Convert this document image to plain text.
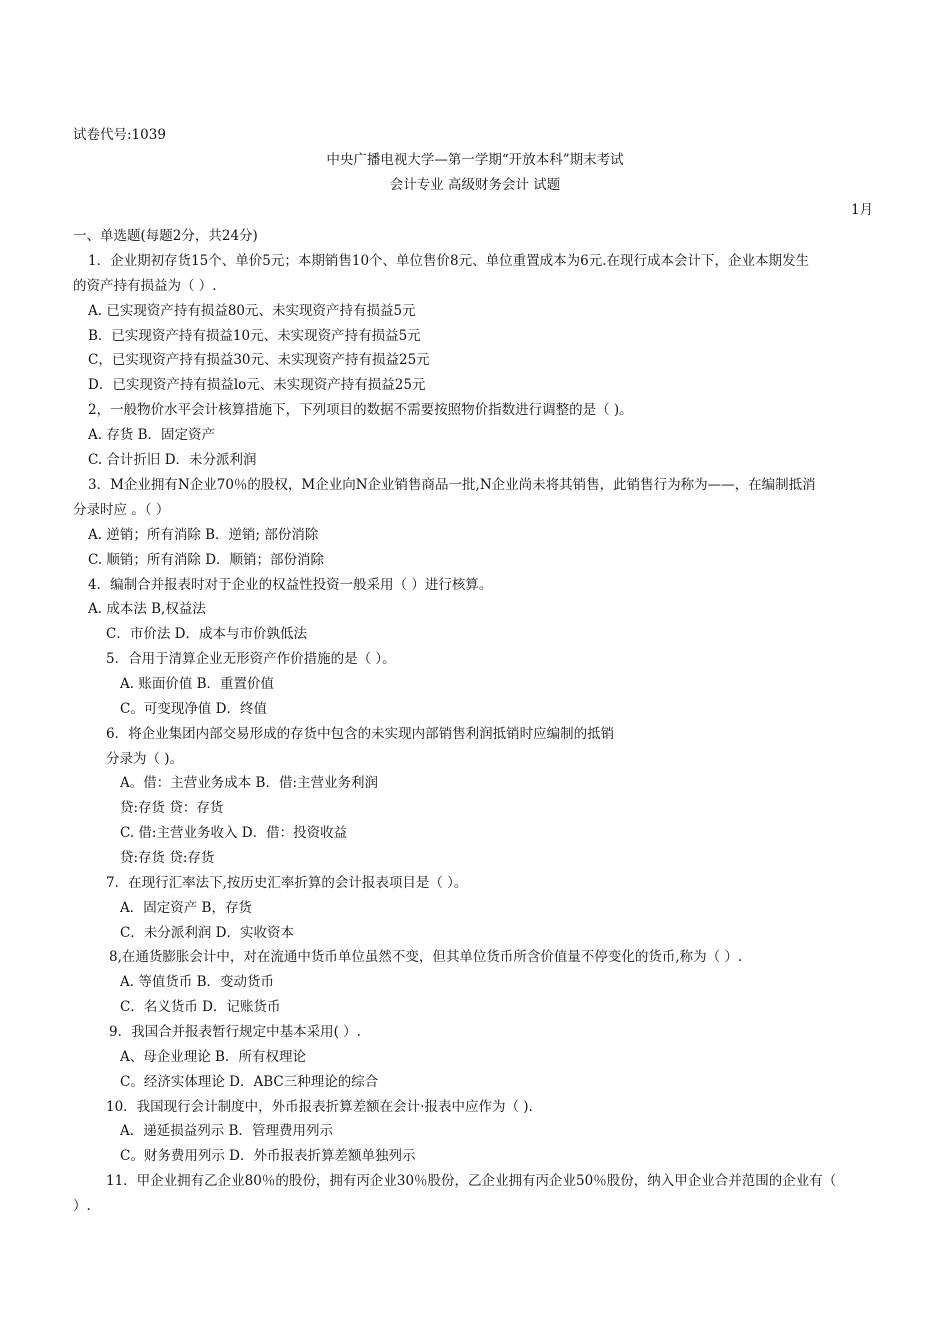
试卷代号:1039
中央广播电视大学—第一学期“开放本科”期末考试
会计专业 高级财务会计 试题
1月
一、单选题(每题2分，共24分)
1．企业期初存货15个、单价5元；本期销售10个、单位售价8元、单位重置成本为6元.在现行成本会计下，企业本期发生
的资产持有损益为（ ）.
A. 已实现资产持有损益80元、未实现资产持有损益5元
B．已实现资产持有损益10元、未实现资产持有损益5元
C，已实现资产持有损益30元、未实现资产持有损益25元
D．已实现资产持有损益lo元、未实现资产持有损益25元
2，一般物价水平会计核算措施下，下列项目的数据不需要按照物价指数进行调整的是（ )。
A. 存货 B．固定资产
C. 合计折旧 D．未分派利润
3．M企业拥有N企业70％的股权，M企业向N企业销售商品一批,N企业尚未将其销售，此销售行为称为——，在编制抵消
分录时应 。（ ）
A. 逆销；所有消除 B．逆销; 部份消除
C. 顺销；所有消除 D．顺销；部份消除
4．编制合并报表时对于企业的权益性投资一般采用（ ）进行核算。
A. 成本法 B,权益法
C．市价法 D．成本与市价孰低法
5．合用于清算企业无形资产作价措施的是（ ）。
A. 账面价值 B．重置价值
C。可变现净值 D．终值
6．将企业集团内部交易形成的存货中包含的未实现内部销售利润抵销时应编制的抵销
分录为（ )。
A。借：主营业务成本 B．借:主营业务利润
贷:存货 贷：存货
C. 借:主营业务收入 D．借：投资收益
贷:存货 贷:存货
7．在现行汇率法下,按历史汇率折算的会计报表项目是（ ）。
A．固定资产 B，存货
C．未分派利润 D．实收资本
8,在通货膨胀会计中，对在流通中货币单位虽然不变，但其单位货币所含价值量不停变化的货币,称为（ ）.
A. 等值货币 B．变动货币
C．名义货币 D．记账货币
9．我国合并报表暂行规定中基本采用( ）.
A、母企业理论 B．所有权理论
C。经济实体理论 D．ABC三种理论的综合
10．我国现行会计制度中，外币报表折算差额在会计·报表中应作为（ ).
A．递延损益列示 B．管理费用列示
C。财务费用列示 D．外币报表折算差额单独列示
11．甲企业拥有乙企业80％的股份，拥有丙企业30％股份，乙企业拥有丙企业50％股份，纳入甲企业合并范围的企业有（
）.
